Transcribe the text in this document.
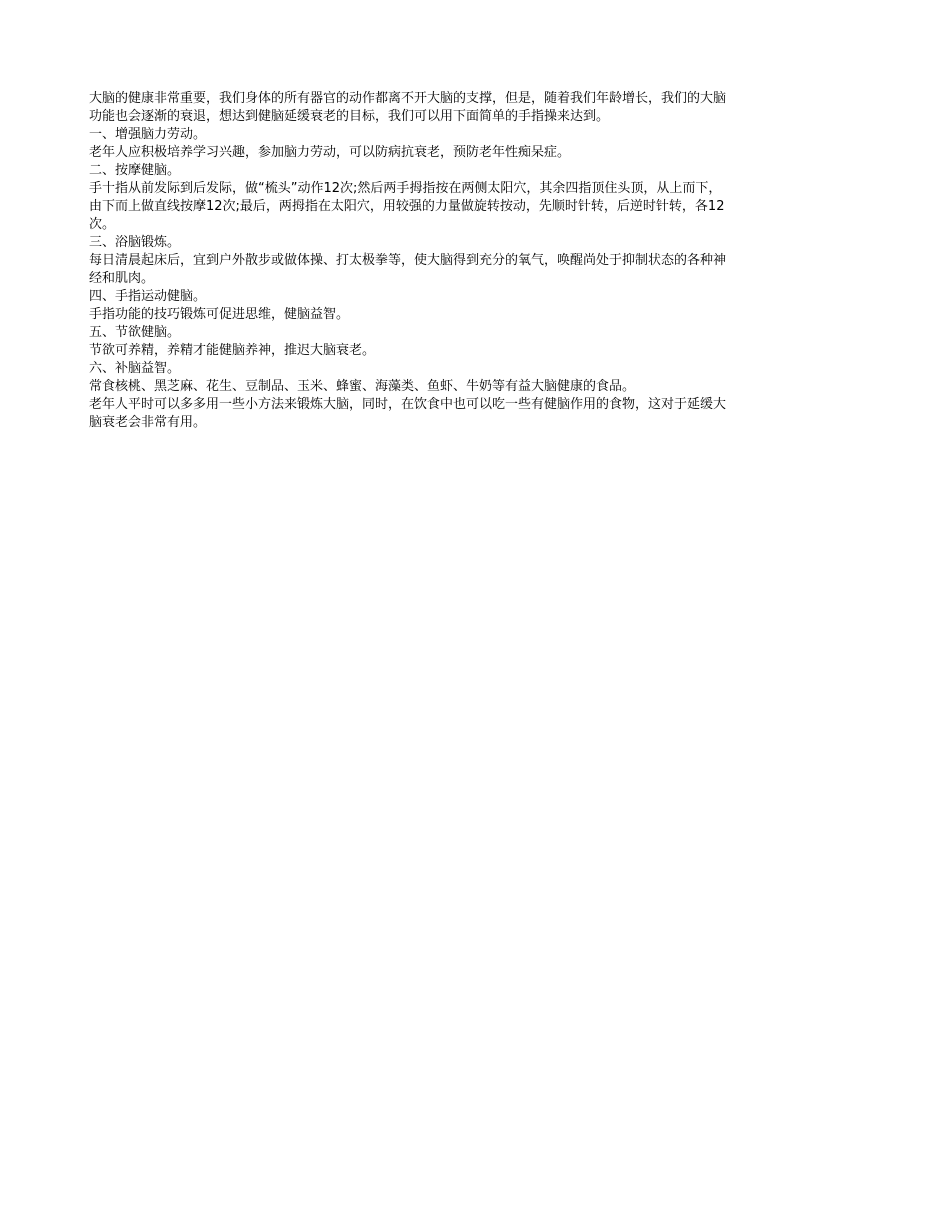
大脑的健康非常重要，我们身体的所有器官的动作都离不开大脑的支撑，但是，随着我们年龄增长，我们的大脑
功能也会逐渐的衰退，想达到健脑延缓衰老的目标，我们可以用下面简单的手指操来达到。

一、增强脑力劳动。

老年人应积极培养学习兴趣，参加脑力劳动，可以防病抗衰老，预防老年性痴呆症。

二、按摩健脑。

手十指从前发际到后发际，做“梳头”动作12次;然后两手拇指按在两侧太阳穴，其余四指顶住头顶，从上而下，
由下而上做直线按摩12次;最后，两拇指在太阳穴，用较强的力量做旋转按动，先顺时针转，后逆时针转，各12
次。

三、浴脑锻炼。

每日清晨起床后，宜到户外散步或做体操、打太极拳等，使大脑得到充分的氧气，唤醒尚处于抑制状态的各种神
经和肌肉。

四、手指运动健脑。

手指功能的技巧锻炼可促进思维，健脑益智。

五、节欲健脑。

节欲可养精，养精才能健脑养神，推迟大脑衰老。

六、补脑益智。

常食核桃、黑芝麻、花生、豆制品、玉米、蜂蜜、海藻类、鱼虾、牛奶等有益大脑健康的食品。

老年人平时可以多多用一些小方法来锻炼大脑，同时，在饮食中也可以吃一些有健脑作用的食物，这对于延缓大
脑衰老会非常有用。
